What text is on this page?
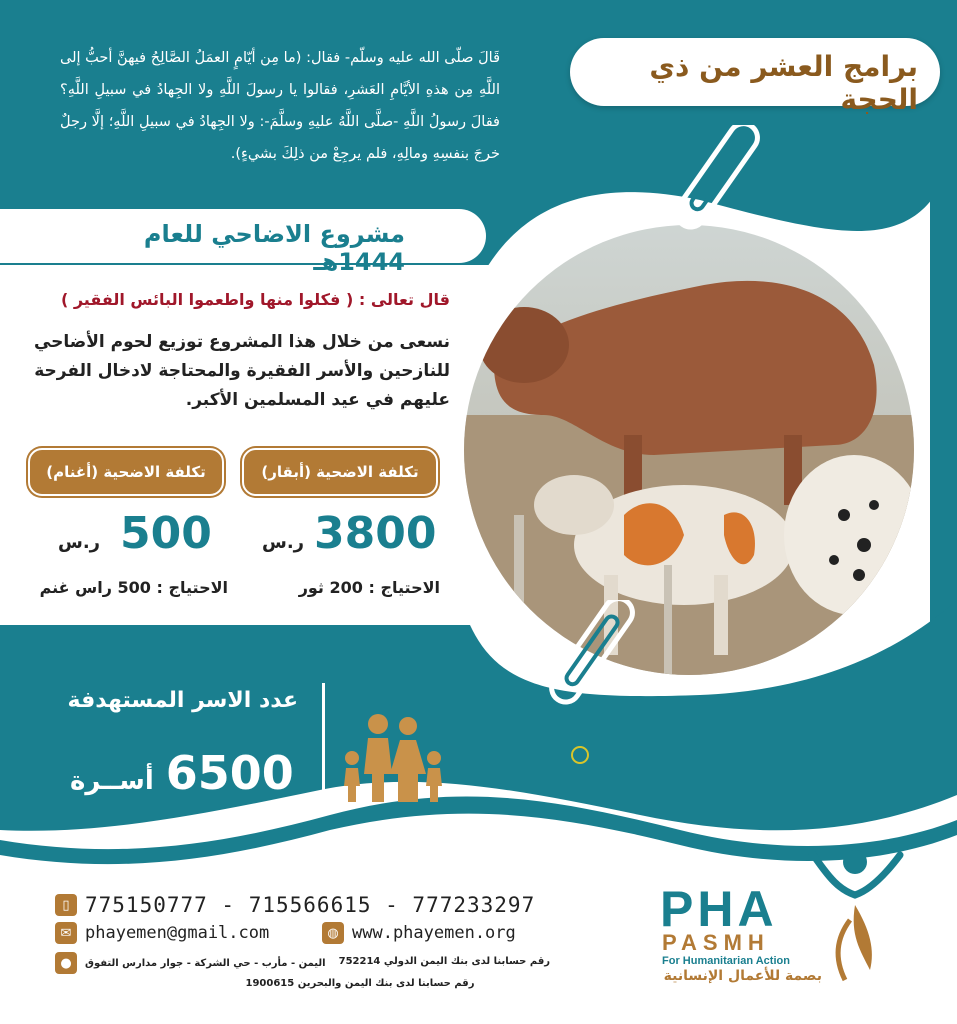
قَالَ صلّى الله عليه وسلّم- فقال: (ما مِن أيّامٍ العمَلُ الصَّالِحُ فيهنَّ أحبُّ إلى اللَّهِ مِن هذهِ الأيَّامِ العَشرِ، فقالوا يا رسولَ اللَّهِ ولا الجِهادُ في سبيلِ اللَّهِ؟ فقالَ رسولُ اللَّهِ -صلَّى اللَّهُ عليهِ وسلَّمَ-: ولا الجِهادُ في سبيلِ اللَّهِ؛ إلَّا رجلٌ خرجَ بنفسِهِ ومالِهِ، فلم يرجِعْ من ذلِكَ بشيءٍ).
برامج العشر من ذي الحجة
مشروع الاضاحي للعام 1444هـ
قال تعالى : ( فكلوا منها واطعموا البائس الفقير )
نسعى من خلال هذا المشروع توزيع لحوم الأضاحي للنازحين والأسر الفقيرة والمحتاجة لادخال الفرحة عليهم في عيد المسلمين الأكبر.
تكلفة الاضحية (أبقار)
تكلفة الاضحية (أغنام)
ر.س 3800
ر.س 500
الاحتياج : 200 ثور
الاحتياج : 500 راس غنم
عدد الاسر المستهدفة
6500
أســرة
▯ 775150777 - 715566615 - 777233297
✉ phayemen@gmail.com	◍ www.phayemen.org
●	اليمن - مأرب - حي الشركة - جوار مدارس التفوق	رقم حسابنا لدى بنك اليمن الدولي 752214
رقم حسابنا لدى بنك اليمن والبحرين 1900615
PHA
PASMH
For Humanitarian Action
بصمة للأعمال الإنسانية
